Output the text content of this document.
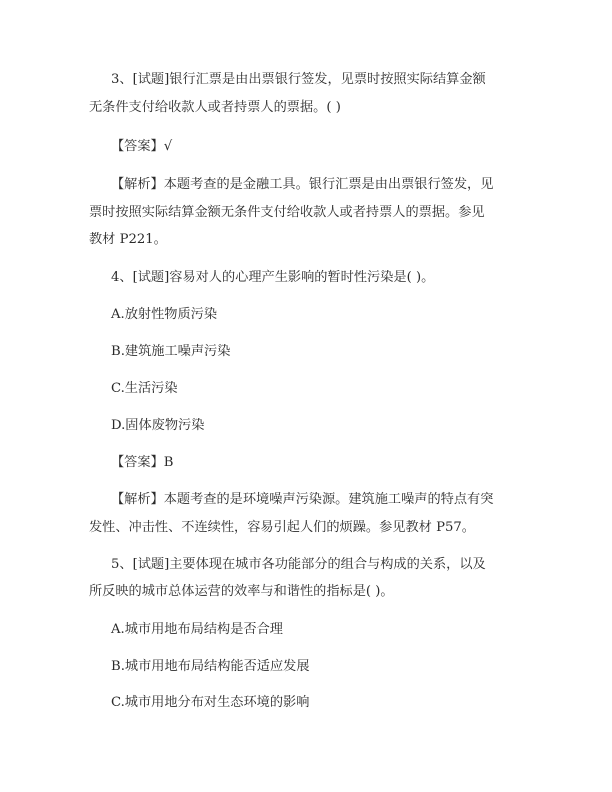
3、[试题]银行汇票是由出票银行签发，见票时按照实际结算金额
无条件支付给收款人或者持票人的票据。( )
【答案】√
【解析】本题考查的是金融工具。银行汇票是由出票银行签发，见
票时按照实际结算金额无条件支付给收款人或者持票人的票据。参见
教材 P221。
4、[试题]容易对人的心理产生影响的暂时性污染是( )。
A.放射性物质污染
B.建筑施工噪声污染
C.生活污染
D.固体废物污染
【答案】B
【解析】本题考查的是环境噪声污染源。建筑施工噪声的特点有突
发性、冲击性、不连续性，容易引起人们的烦躁。参见教材 P57。
5、[试题]主要体现在城市各功能部分的组合与构成的关系，以及
所反映的城市总体运营的效率与和谐性的指标是( )。
A.城市用地布局结构是否合理
B.城市用地布局结构能否适应发展
C.城市用地分布对生态环境的影响
